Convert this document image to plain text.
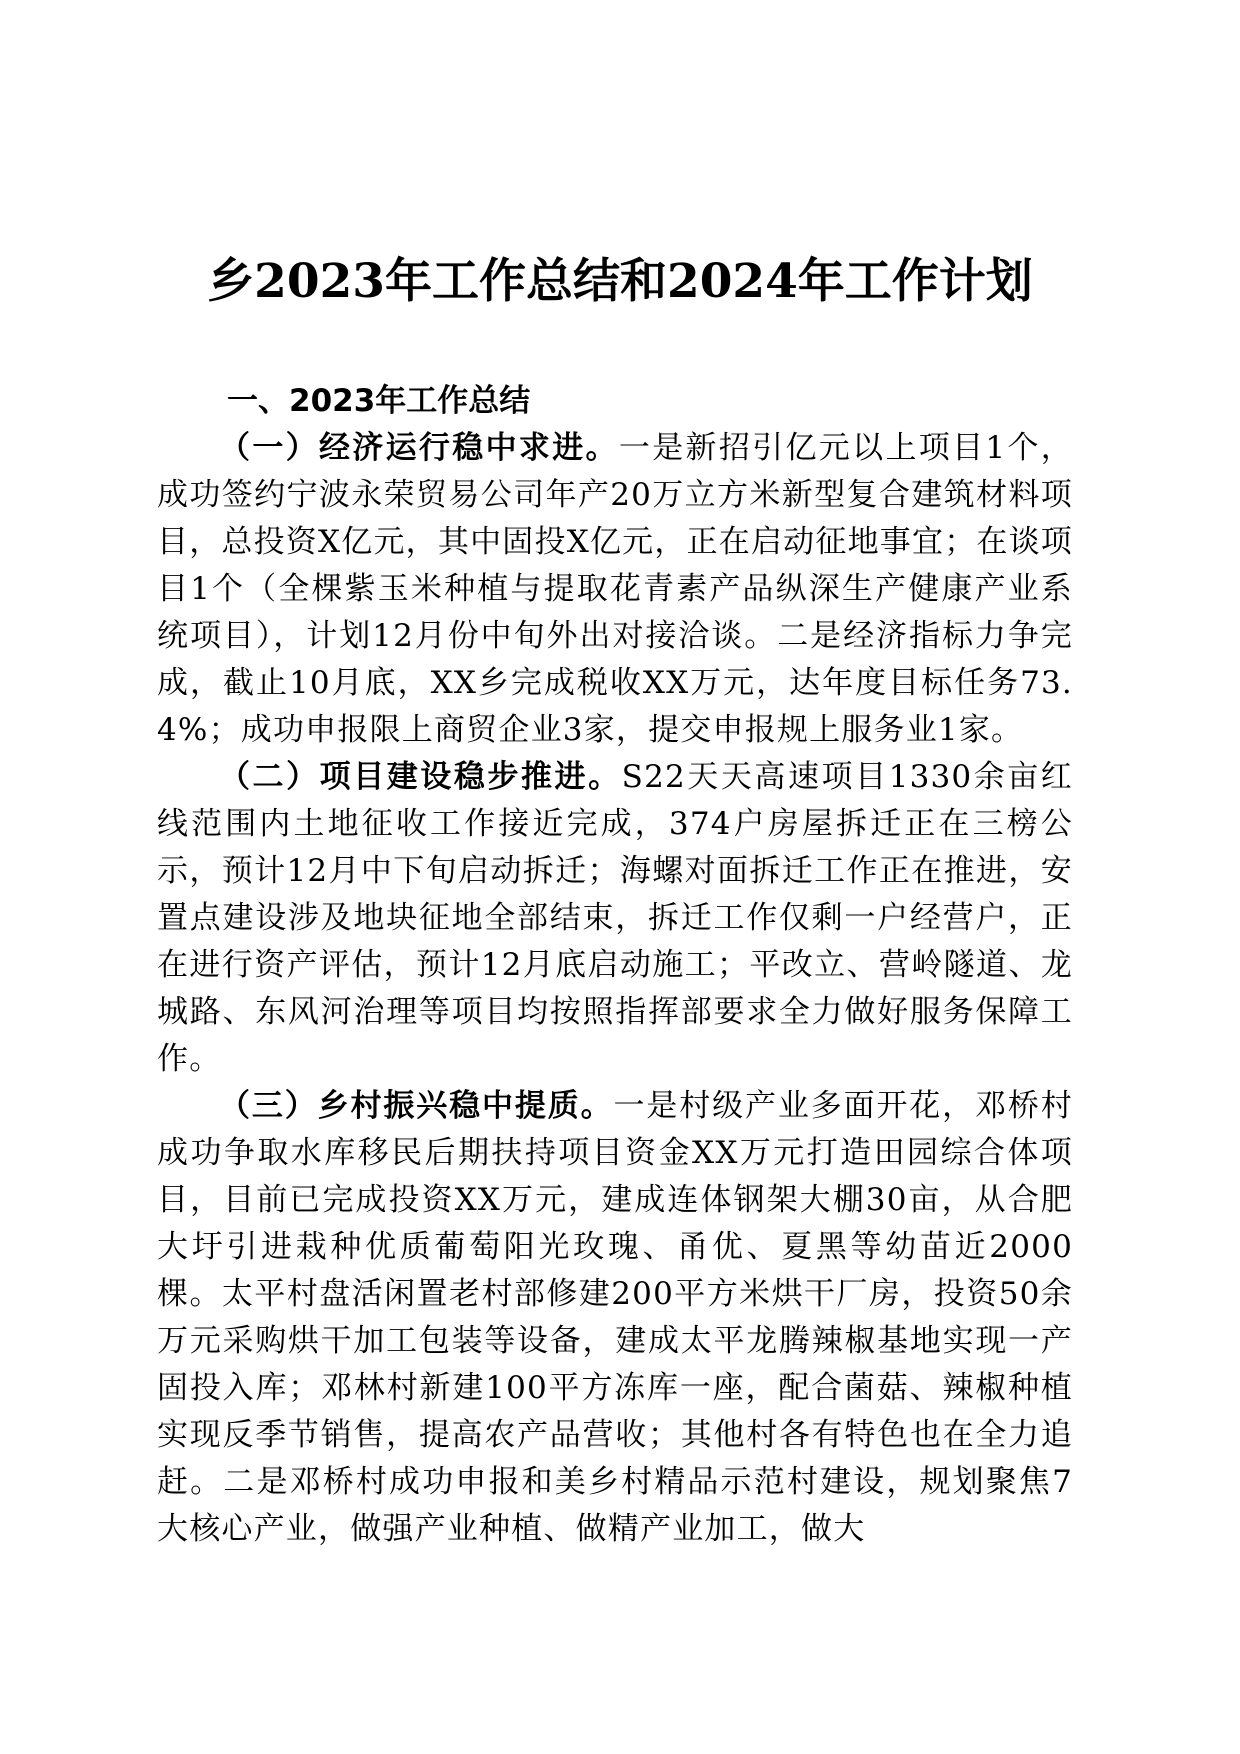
乡2023年工作总结和2024年工作计划
一、2023年工作总结

（一）经济运行稳中求进。一是新招引亿元以上项目1个，成功签约宁波永荣贸易公司年产20万立方米新型复合建筑材料项目，总投资X亿元，其中固投X亿元，正在启动征地事宜；在谈项目1个（全棵紫玉米种植与提取花青素产品纵深生产健康产业系统项目），计划12月份中旬外出对接洽谈。二是经济指标力争完成，截止10月底，XX乡完成税收XX万元，达年度目标任务73.4%；成功申报限上商贸企业3家，提交申报规上服务业1家。

（二）项目建设稳步推进。S22天天高速项目1330余亩红线范围内土地征收工作接近完成，374户房屋拆迁正在三榜公示，预计12月中下旬启动拆迁；海螺对面拆迁工作正在推进，安置点建设涉及地块征地全部结束，拆迁工作仅剩一户经营户，正在进行资产评估，预计12月底启动施工；平改立、营岭隧道、龙城路、东风河治理等项目均按照指挥部要求全力做好服务保障工作。

（三）乡村振兴稳中提质。一是村级产业多面开花，邓桥村成功争取水库移民后期扶持项目资金XX万元打造田园综合体项目，目前已完成投资XX万元，建成连体钢架大棚30亩，从合肥大圩引进栽种优质葡萄阳光玫瑰、甬优、夏黑等幼苗近2000棵。太平村盘活闲置老村部修建200平方米烘干厂房，投资50余万元采购烘干加工包装等设备，建成太平龙腾辣椒基地实现一产固投入库；邓林村新建100平方冻库一座，配合菌菇、辣椒种植实现反季节销售，提高农产品营收；其他村各有特色也在全力追赶。二是邓桥村成功申报和美乡村精品示范村建设，规划聚焦7大核心产业，做强产业种植、做精产业加工，做大
